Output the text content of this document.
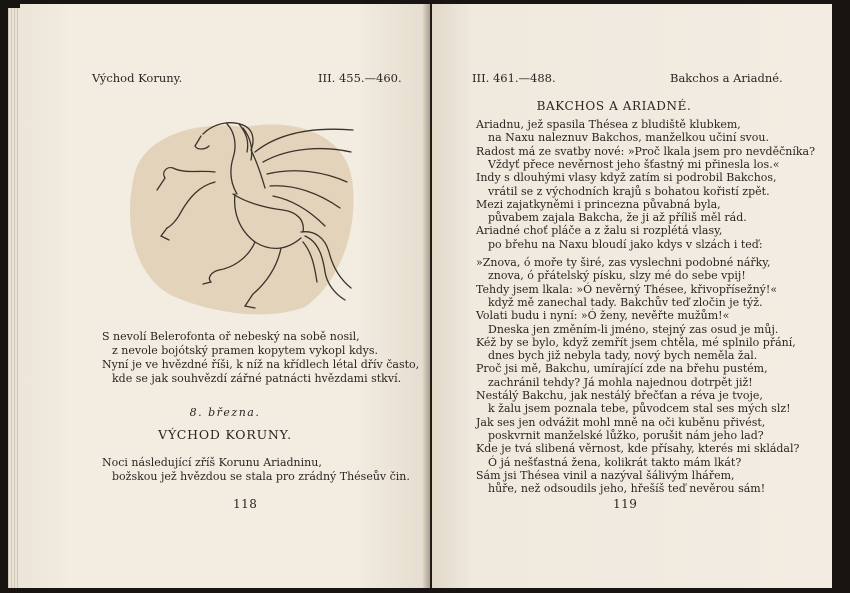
Východ Koruny.	III. 455.—460.
S nevolí Belerofonta oř nebeský na sobě nosil,
z nevole bojótský pramen kopytem vykopl kdys.
Nyní je ve hvězdné říši, k níž na křídlech létal dřív často,
kde se jak souhvězdí zářné patnácti hvězdami stkví.
8. března.
VÝCHOD KORUNY.
Noci následující zříš Korunu Ariadninu,
božskou jež hvězdou se stala pro zrádný Théseův čin.
118
III. 461.—488.	Bakchos a Ariadné.
BAKCHOS A ARIADNÉ.
Ariadnu, jež spasila Thésea z bludiště klubkem,
na Naxu naleznuv Bakchos, manželkou učiní svou.
Radost má ze svatby nové: »Proč lkala jsem pro nevděčníka?
Vždyť přece nevěrnost jeho šťastný mi přinesla los.«
Indy s dlouhými vlasy když zatím si podrobil Bakchos,
vrátil se z východních krajů s bohatou kořistí zpět.
Mezi zajatkyněmi i princezna půvabná byla,
půvabem zajala Bakcha, že ji až příliš měl rád.
Ariadné choť pláče a z žalu si rozplétá vlasy,
po břehu na Naxu bloudí jako kdys v slzách i teď:
»Znova, ó moře ty širé, zas vyslechni podobné nářky,
znova, ó přátelský písku, slzy mé do sebe vpij!
Tehdy jsem lkala: »Ó nevěrný Thésee, křivopřísežný!«
když mě zanechal tady. Bakchův teď zločin je týž.
Volati budu i nyní: »Ó ženy, nevěřte mužům!«
Dneska jen změním-li jméno, stejný zas osud je můj.
Kéž by se bylo, když zemřít jsem chtěla, mé splnilo přání,
dnes bych již nebyla tady, nový bych neměla žal.
Proč jsi mě, Bakchu, umírající zde na břehu pustém,
zachránil tehdy? Já mohla najednou dotrpět již!
Nestálý Bakchu, jak nestálý břečťan a réva je tvoje,
k žalu jsem poznala tebe, původcem stal ses mých slz!
Jak ses jen odvážit mohl mně na oči kuběnu přivést,
poskvrnit manželské lůžko, porušit nám jeho lad?
Kde je tvá slibená věrnost, kde přísahy, kterés mi skládal?
Ó já nešťastná žena, kolikrát takto mám lkát?
Sám jsi Thésea vinil a nazýval šálivým lhářem,
hůře, než odsoudils jeho, hřešíš teď nevěrou sám!
119
